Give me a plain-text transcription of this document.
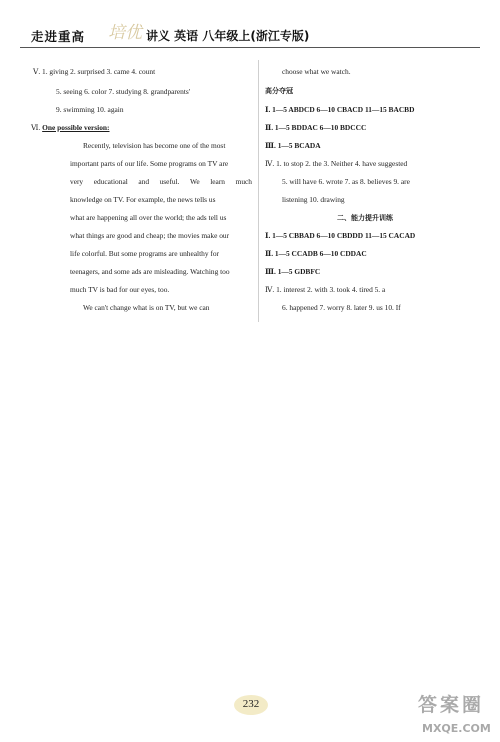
走进重高 培优 讲义 英语 八年级上(浙江专版)
Ⅴ. 1. giving 2. surprised 3. came 4. count
5. seeing 6. color 7. studying 8. grandparents'
9. swimming 10. again
Ⅵ. One possible version:
Recently, television has become one of the most
important parts of our life. Some programs on TV are
very educational and useful. We learn much
knowledge on TV. For example, the news tells us
what are happening all over the world; the ads tell us
what things are good and cheap; the movies make our
life colorful. But some programs are unhealthy for
teenagers, and some ads are misleading. Watching too
much TV is bad for our eyes, too.
We can't change what is on TV, but we can
choose what we watch.
高分夺冠
Ⅰ. 1—5 ABDCD 6—10 CBACD 11—15 BACBD
Ⅱ. 1—5 BDDAC 6—10 BDCCC
Ⅲ. 1—5 BCADA
Ⅳ. 1. to stop 2. the 3. Neither 4. have suggested
5. will have 6. wrote 7. as 8. believes 9. are
listening 10. drawing
二、能力提升训练
Ⅰ. 1—5 CBBAD 6—10 CBDDD 11—15 CACAD
Ⅱ. 1—5 CCADB 6—10 CDDAC
Ⅲ. 1—5 GDBFC
Ⅳ. 1. interest 2. with 3. took 4. tired 5. a
6. happened 7. worry 8. later 9. us 10. If
232	答案圈
MXQE.COM
